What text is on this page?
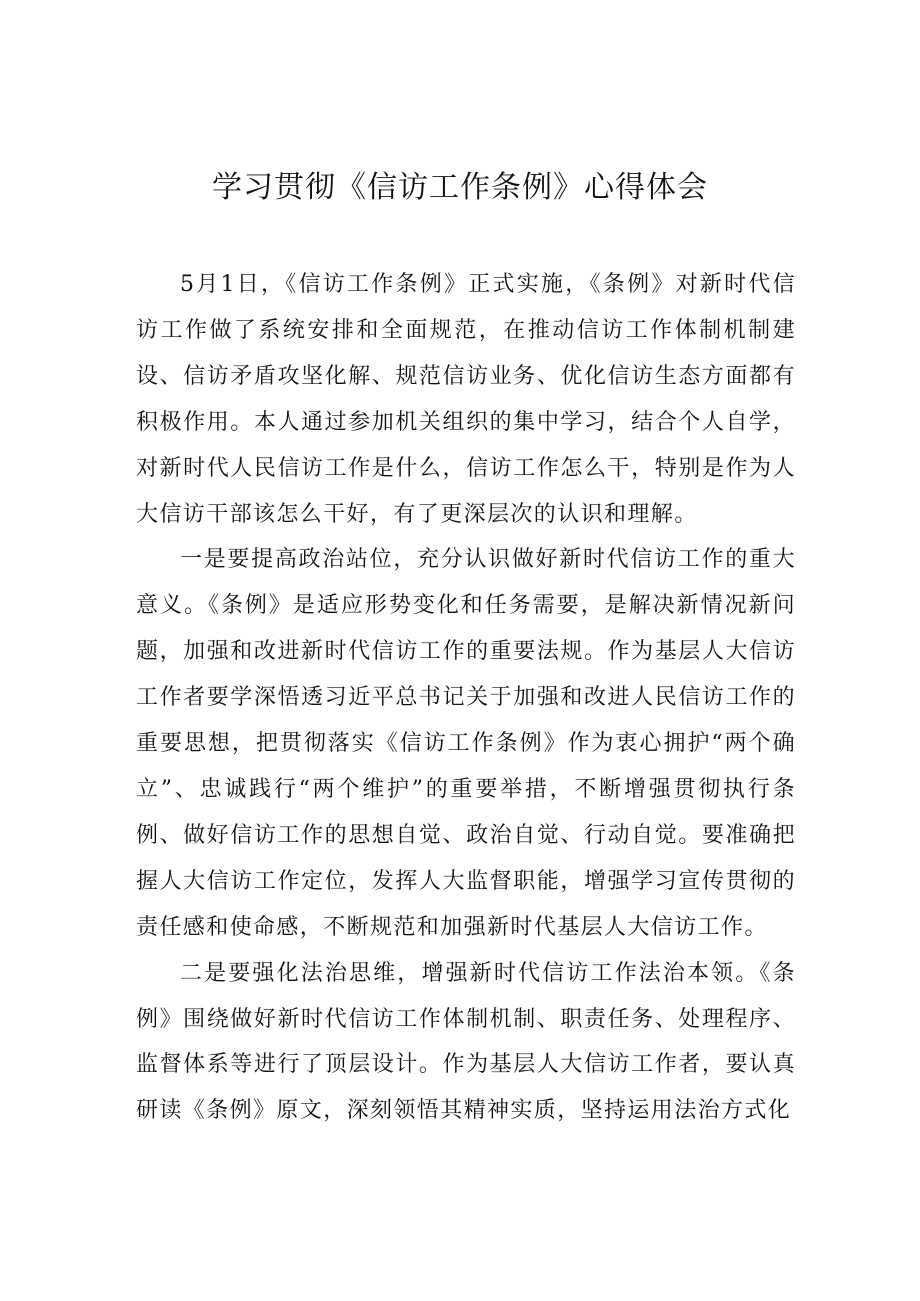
学习贯彻《信访工作条例》心得体会

5月1日，《信访工作条例》正式实施，《条例》对新时代信访工作做了系统安排和全面规范，在推动信访工作体制机制建设、信访矛盾攻坚化解、规范信访业务、优化信访生态方面都有积极作用。本人通过参加机关组织的集中学习，结合个人自学，对新时代人民信访工作是什么，信访工作怎么干，特别是作为人大信访干部该怎么干好，有了更深层次的认识和理解。

一是要提高政治站位，充分认识做好新时代信访工作的重大意义。《条例》是适应形势变化和任务需要，是解决新情况新问题，加强和改进新时代信访工作的重要法规。作为基层人大信访工作者要学深悟透习近平总书记关于加强和改进人民信访工作的重要思想，把贯彻落实《信访工作条例》作为衷心拥护“两个确立”、忠诚践行“两个维护”的重要举措，不断增强贯彻执行条例、做好信访工作的思想自觉、政治自觉、行动自觉。要准确把握人大信访工作定位，发挥人大监督职能，增强学习宣传贯彻的责任感和使命感，不断规范和加强新时代基层人大信访工作。

二是要强化法治思维，增强新时代信访工作法治本领。《条例》围绕做好新时代信访工作体制机制、职责任务、处理程序、监督体系等进行了顶层设计。作为基层人大信访工作者，要认真研读《条例》原文，深刻领悟其精神实质，坚持运用法治方式化
